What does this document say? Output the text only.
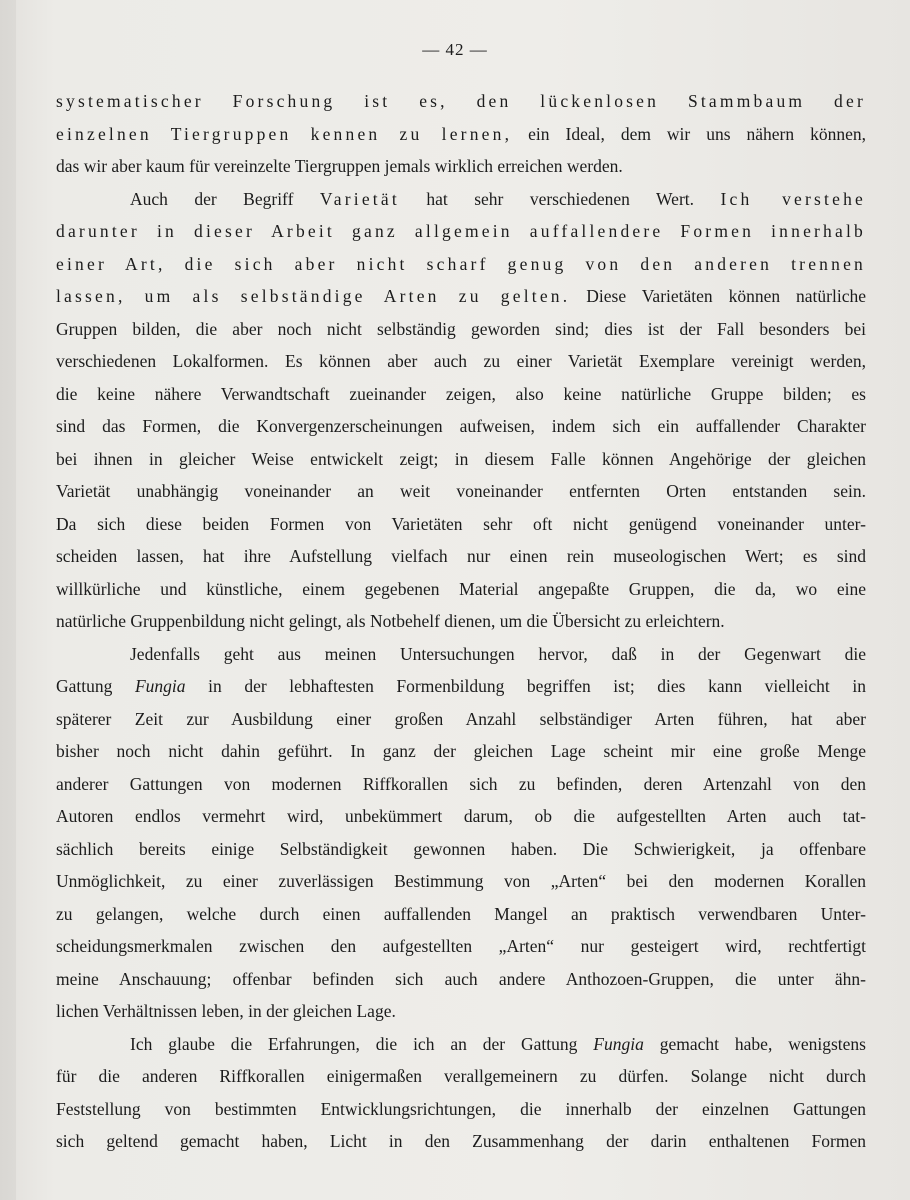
— 42 —
systematischer Forschung ist es, den lückenlosen Stammbaum der
einzelnen Tiergruppen kennen zu lernen, ein Ideal, dem wir uns nähern können,
das wir aber kaum für vereinzelte Tiergruppen jemals wirklich erreichen werden.
Auch der Begriff Varietät hat sehr verschiedenen Wert. Ich verstehe
darunter in dieser Arbeit ganz allgemein auffallendere Formen innerhalb
einer Art, die sich aber nicht scharf genug von den anderen trennen
lassen, um als selbständige Arten zu gelten. Diese Varietäten können natürliche
Gruppen bilden, die aber noch nicht selbständig geworden sind; dies ist der Fall besonders bei
verschiedenen Lokalformen. Es können aber auch zu einer Varietät Exemplare vereinigt werden,
die keine nähere Verwandtschaft zueinander zeigen, also keine natürliche Gruppe bilden; es
sind das Formen, die Konvergenzerscheinungen aufweisen, indem sich ein auffallender Charakter
bei ihnen in gleicher Weise entwickelt zeigt; in diesem Falle können Angehörige der gleichen
Varietät unabhängig voneinander an weit voneinander entfernten Orten entstanden sein.
Da sich diese beiden Formen von Varietäten sehr oft nicht genügend voneinander unter-
scheiden lassen, hat ihre Aufstellung vielfach nur einen rein museologischen Wert; es sind
willkürliche und künstliche, einem gegebenen Material angepaßte Gruppen, die da, wo eine
natürliche Gruppenbildung nicht gelingt, als Notbehelf dienen, um die Übersicht zu erleichtern.
Jedenfalls geht aus meinen Untersuchungen hervor, daß in der Gegenwart die
Gattung Fungia in der lebhaftesten Formenbildung begriffen ist; dies kann vielleicht in
späterer Zeit zur Ausbildung einer großen Anzahl selbständiger Arten führen, hat aber
bisher noch nicht dahin geführt. In ganz der gleichen Lage scheint mir eine große Menge
anderer Gattungen von modernen Riffkorallen sich zu befinden, deren Artenzahl von den
Autoren endlos vermehrt wird, unbekümmert darum, ob die aufgestellten Arten auch tat-
sächlich bereits einige Selbständigkeit gewonnen haben. Die Schwierigkeit, ja offenbare
Unmöglichkeit, zu einer zuverlässigen Bestimmung von „Arten“ bei den modernen Korallen
zu gelangen, welche durch einen auffallenden Mangel an praktisch verwendbaren Unter-
scheidungsmerkmalen zwischen den aufgestellten „Arten“ nur gesteigert wird, rechtfertigt
meine Anschauung; offenbar befinden sich auch andere Anthozoen-Gruppen, die unter ähn-
lichen Verhältnissen leben, in der gleichen Lage.
Ich glaube die Erfahrungen, die ich an der Gattung Fungia gemacht habe, wenigstens
für die anderen Riffkorallen einigermaßen verallgemeinern zu dürfen. Solange nicht durch
Feststellung von bestimmten Entwicklungsrichtungen, die innerhalb der einzelnen Gattungen
sich geltend gemacht haben, Licht in den Zusammenhang der darin enthaltenen Formen
